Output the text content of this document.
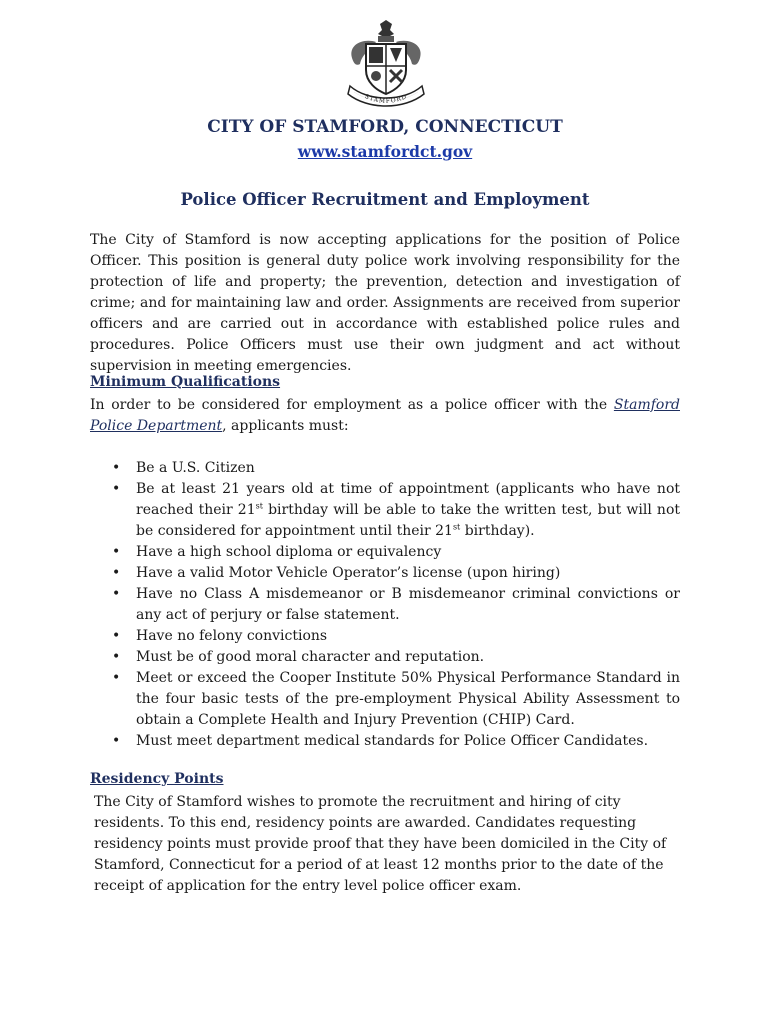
STAMFORD
CITY OF STAMFORD, CONNECTICUT
www.stamfordct.gov
Police Officer Recruitment and Employment

The City of Stamford is now accepting applications for the position of Police Officer. This position is general duty police work involving responsibility for the protection of life and property; the prevention, detection and investigation of crime; and for maintaining law and order. Assignments are received from superior officers and are carried out in accordance with established police rules and procedures. Police Officers must use their own judgment and act without supervision in meeting emergencies.

Minimum Qualifications

In order to be considered for employment as a police officer with the Stamford Police Department, applicants must:

• Be a U.S. Citizen
• Be at least 21 years old at time of appointment (applicants who have not reached their 21st birthday will be able to take the written test, but will not be considered for appointment until their 21st birthday).
• Have a high school diploma or equivalency
• Have a valid Motor Vehicle Operator’s license (upon hiring)
• Have no Class A misdemeanor or B misdemeanor criminal convictions or any act of perjury or false statement.
• Have no felony convictions
• Must be of good moral character and reputation.
• Meet or exceed the Cooper Institute 50% Physical Performance Standard in the four basic tests of the pre-employment Physical Ability Assessment to obtain a Complete Health and Injury Prevention (CHIP) Card.
• Must meet department medical standards for Police Officer Candidates.
Residency Points

The City of Stamford wishes to promote the recruitment and hiring of city residents. To this end, residency points are awarded. Candidates requesting residency points must provide proof that they have been domiciled in the City of Stamford, Connecticut for a period of at least 12 months prior to the date of the receipt of application for the entry level police officer exam.
